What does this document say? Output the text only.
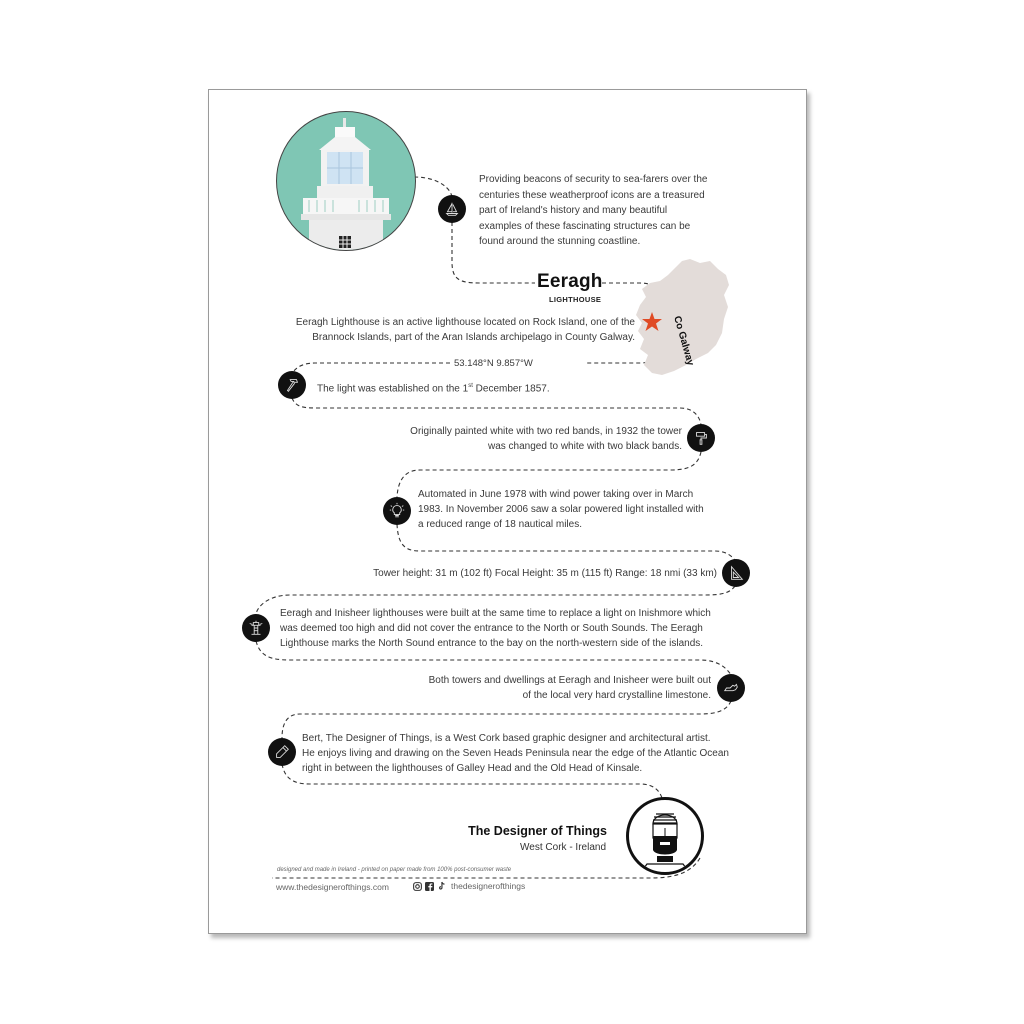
Providing beacons of security to sea-farers over the
centuries these weatherproof icons are a treasured
part of Ireland's history and many beautiful
examples of these fascinating structures can be
found around the stunning coastline.
Co Galway
Eeragh
LIGHTHOUSE
Eeragh Lighthouse is an active lighthouse located on Rock Island, one of the
Brannock Islands, part of the Aran Islands archipelago in County Galway.
53.148°N 9.857°W
The light was established on the 1st December 1857.
Originally painted white with two red bands, in 1932 the tower
was changed to white with two black bands.
Automated in June 1978 with wind power taking over in March
1983. In November 2006 saw a solar powered light installed with
a reduced range of 18 nautical miles.
Tower height: 31 m (102 ft) Focal Height: 35 m (115 ft) Range: 18 nmi (33 km)
Eeragh and Inisheer lighthouses were built at the same time to replace a light on Inishmore which
was deemed too high and did not cover the entrance to the North or South Sounds. The Eeragh
Lighthouse marks the North Sound entrance to the bay on the north-western side of the islands.
Both towers and dwellings at Eeragh and Inisheer were built out
of the local very hard crystalline limestone.
Bert, The Designer of Things, is a West Cork based graphic designer and architectural artist.
He enjoys living and drawing on the Seven Heads Peninsula near the edge of the Atlantic Ocean
right in between the lighthouses of Galley Head and the Old Head of Kinsale.
The Designer of Things
West Cork - Ireland
designed and made in Ireland - printed on paper made from 100% post-consumer waste
www.thedesignerofthings.com	thedesignerofthings
